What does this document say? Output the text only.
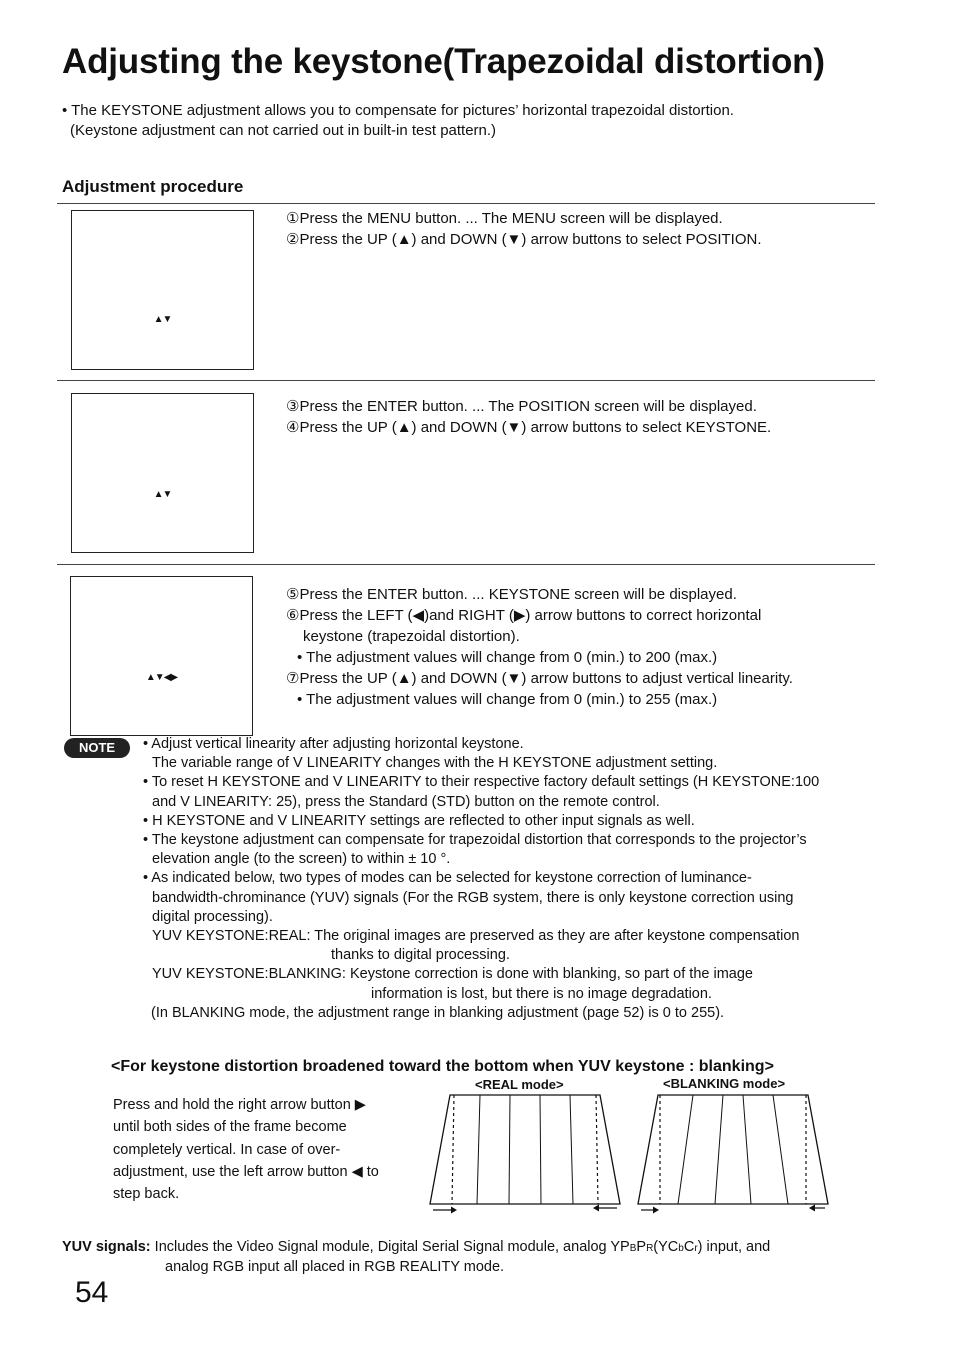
Adjusting the keystone(Trapezoidal distortion)
• The KEYSTONE adjustment allows you to compensate for pictures’ horizontal trapezoidal distortion.
(Keystone adjustment can not carried out in built-in test pattern.)
Adjustment procedure
▲▼
①Press the MENU button. ... The MENU screen will be displayed.
②Press the UP (▲) and DOWN (▼) arrow buttons to select POSITION.
▲▼
③Press the ENTER button. ... The POSITION screen will be displayed.
④Press the UP (▲) and DOWN (▼) arrow buttons to select KEYSTONE.
▲▼◀▶
⑤Press the ENTER button. ... KEYSTONE screen will be displayed.
⑥Press the LEFT (◀)and RIGHT (▶) arrow buttons to correct horizontal
keystone (trapezoidal distortion).
• The adjustment values will change from 0 (min.) to 200 (max.)
⑦Press the UP (▲) and DOWN (▼) arrow buttons to adjust vertical linearity.
• The adjustment values will change from 0 (min.) to 255 (max.)
NOTE	• Adjust vertical linearity after adjusting horizontal keystone.
The variable range of V LINEARITY changes with the H KEYSTONE adjustment setting.
• To reset H KEYSTONE and V LINEARITY to their respective factory default settings (H KEYSTONE:100
and V LINEARITY: 25), press the Standard (STD) button on the remote control.
• H KEYSTONE and V LINEARITY settings are reflected to other input signals as well.
• The keystone adjustment can compensate for trapezoidal distortion that corresponds to the projector’s
elevation angle (to the screen) to within ± 10 °.
• As indicated below, two types of modes can be selected for keystone correction of luminance-
bandwidth-chrominance (YUV) signals (For the RGB system, there is only keystone correction using
digital processing).
YUV KEYSTONE:REAL: The original images are preserved as they are after keystone compensation
thanks to digital processing.
YUV KEYSTONE:BLANKING: Keystone correction is done with blanking, so part of the image
information is lost, but there is no image degradation.
(In BLANKING mode, the adjustment range in blanking adjustment (page 52) is 0 to 255).
<For keystone distortion broadened toward the bottom when YUV keystone : blanking>
<REAL mode>	<BLANKING mode>
Press and hold the right arrow button ▶
until both sides of the frame become
completely vertical. In case of over-
adjustment, use the left arrow button ◀ to
step back.
YUV signals: Includes the Video Signal module, Digital Serial Signal module, analog YPBPR(YCbCr) input, and
analog RGB input all placed in RGB REALITY mode.
54
